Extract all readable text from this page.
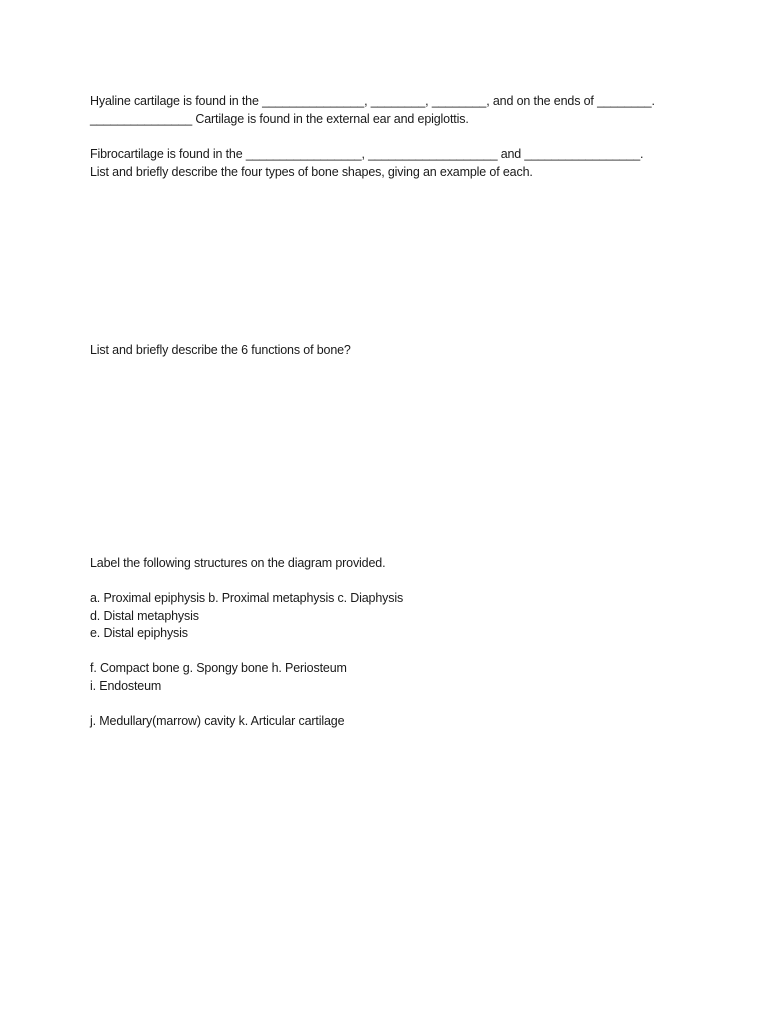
Hyaline cartilage is found in the _______________, ________, ________, and on the ends of ________.
_______________ Cartilage is found in the external ear and epiglottis.
Fibrocartilage is found in the _________________, ___________________ and _________________.
List and briefly describe the four types of bone shapes, giving an example of each.
List and briefly describe the 6 functions of bone?
Label the following structures on the diagram provided.
a. Proximal epiphysis b. Proximal metaphysis c. Diaphysis
d. Distal metaphysis
e. Distal epiphysis
f. Compact bone g. Spongy bone h. Periosteum
i. Endosteum
j. Medullary(marrow) cavity k. Articular cartilage
